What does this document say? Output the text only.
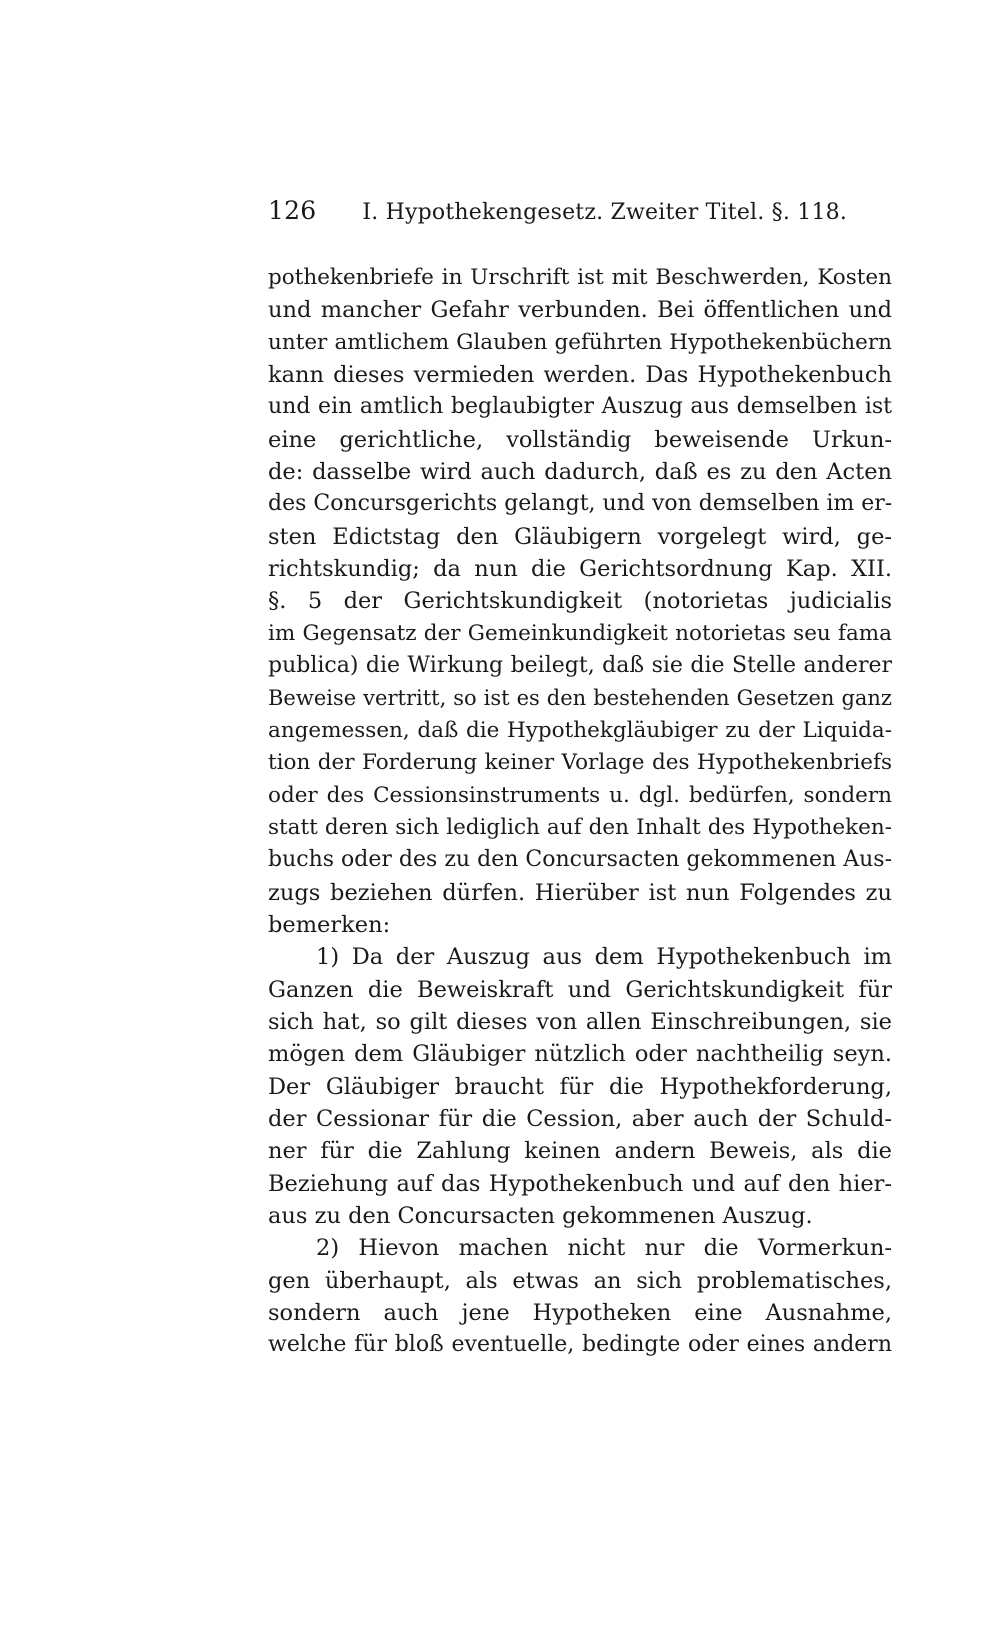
126 I. Hypothekengesetz. Zweiter Titel. §. 118.
pothekenbriefe in Urschrift ist mit Beschwerden, Kosten
und mancher Gefahr verbunden. Bei öffentlichen und
unter amtlichem Glauben geführten Hypothekenbüchern
kann dieses vermieden werden. Das Hypothekenbuch
und ein amtlich beglaubigter Auszug aus demselben ist
eine gerichtliche, vollständig beweisende Urkun-
de: dasselbe wird auch dadurch, daß es zu den Acten
des Concursgerichts gelangt, und von demselben im er-
sten Edictstag den Gläubigern vorgelegt wird, ge-
richtskundig; da nun die Gerichtsordnung Kap. XII.
§. 5 der Gerichtskundigkeit (notorietas judicialis
im Gegensatz der Gemeinkundigkeit notorietas seu fama
publica) die Wirkung beilegt, daß sie die Stelle anderer
Beweise vertritt, so ist es den bestehenden Gesetzen ganz
angemessen, daß die Hypothekgläubiger zu der Liquida-
tion der Forderung keiner Vorlage des Hypothekenbriefs
oder des Cessionsinstruments u. dgl. bedürfen, sondern
statt deren sich lediglich auf den Inhalt des Hypotheken-
buchs oder des zu den Concursacten gekommenen Aus-
zugs beziehen dürfen. Hierüber ist nun Folgendes zu
bemerken:
1) Da der Auszug aus dem Hypothekenbuch im
Ganzen die Beweiskraft und Gerichtskundigkeit für
sich hat, so gilt dieses von allen Einschreibungen, sie
mögen dem Gläubiger nützlich oder nachtheilig seyn.
Der Gläubiger braucht für die Hypothekforderung,
der Cessionar für die Cession, aber auch der Schuld-
ner für die Zahlung keinen andern Beweis, als die
Beziehung auf das Hypothekenbuch und auf den hier-
aus zu den Concursacten gekommenen Auszug.
2) Hievon machen nicht nur die Vormerkun-
gen überhaupt, als etwas an sich problematisches,
sondern auch jene Hypotheken eine Ausnahme,
welche für bloß eventuelle, bedingte oder eines andern
